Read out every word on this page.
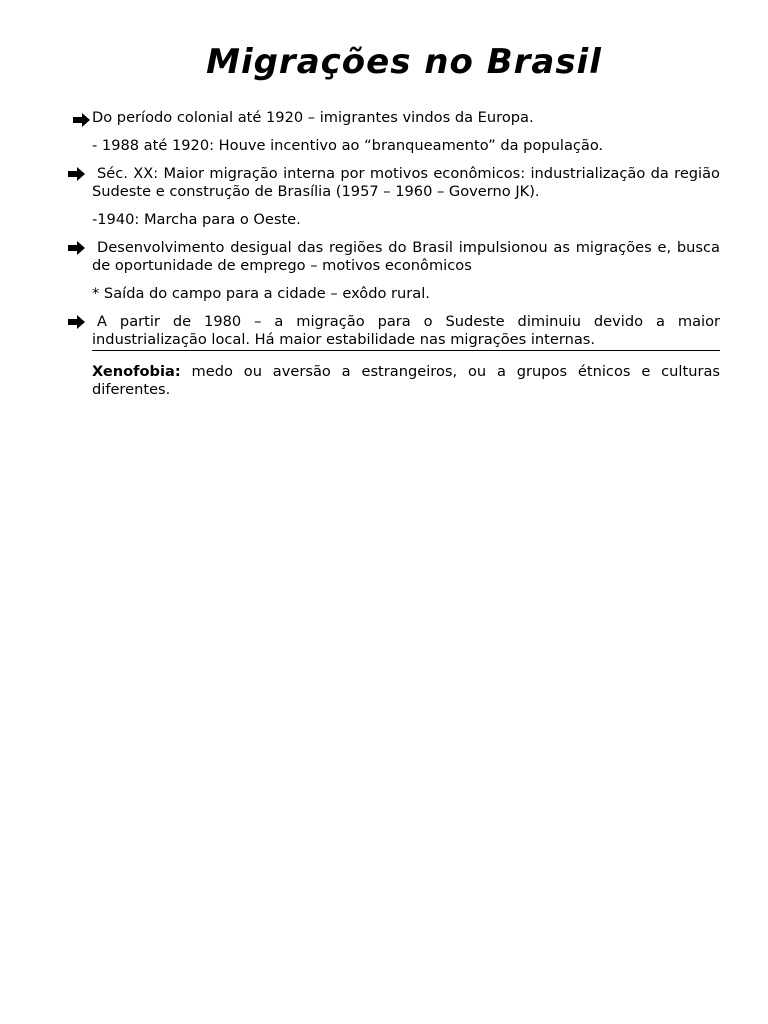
Migrações no Brasil

Do período colonial até 1920 – imigrantes vindos da Europa.

- 1988 até 1920: Houve incentivo ao “branqueamento” da população.

Séc. XX: Maior migração interna por motivos econômicos: industrialização da região Sudeste e construção de Brasília (1957 – 1960 – Governo JK).

-1940: Marcha para o Oeste.

Desenvolvimento desigual das regiões do Brasil impulsionou as migrações e, busca de oportunidade de emprego – motivos econômicos

* Saída do campo para a cidade – exôdo rural.

A partir de 1980 – a migração para o Sudeste diminuiu devido a maior industrialização local. Há maior estabilidade nas migrações internas.

Xenofobia: medo ou aversão a estrangeiros, ou a grupos étnicos e culturas diferentes.
